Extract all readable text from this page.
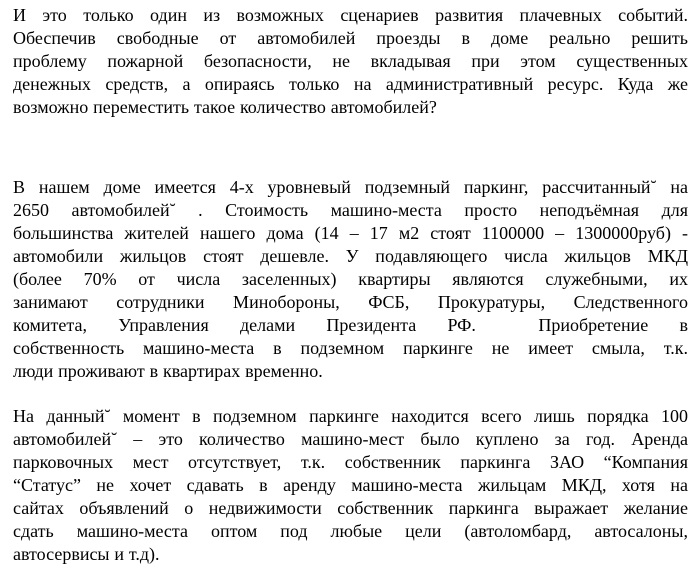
И это только один из возможных сценариев развития плачевных событий.
Обеспечив свободные от автомобилей проезды в доме реально решить
проблему пожарной безопасности, не вкладывая при этом существенных
денежных средств, а опираясь только на административный ресурс. Куда же
возможно переместить такое количество автомобилей?
В нашем доме имеется 4-х уровневый подземный паркинг, рассчитанный˘ на
2650 автомобилей˘ . Стоимость машино-места просто неподъёмная для
большинства жителей нашего дома (14 – 17 м2 стоят 1100000 – 1300000руб) -
автомобили жильцов стоят дешевле. У подавляющего числа жильцов МКД
(более 70% от числа заселенных) квартиры являются служебными, их
занимают сотрудники Минобороны, ФСБ, Прокуратуры, Следственного
комитета, Управления делами Президента РФ.  Приобретение в
собственность машино-места в подземном паркинге не имеет смыла, т.к.
люди проживают в квартирах временно.
На данный˘ момент в подземном паркинге находится всего лишь порядка 100
автомобилей˘ – это количество машино-мест было куплено за год. Аренда
парковочных мест отсутствует, т.к. собственник паркинга ЗАО “Компания
“Статус” не хочет сдавать в аренду машино-места жильцам МКД, хотя на
сайтах объявлений о недвижимости собственник паркинга выражает желание
сдать машино-места оптом под любые цели (автоломбард, автосалоны,
автосервисы и т.д).
